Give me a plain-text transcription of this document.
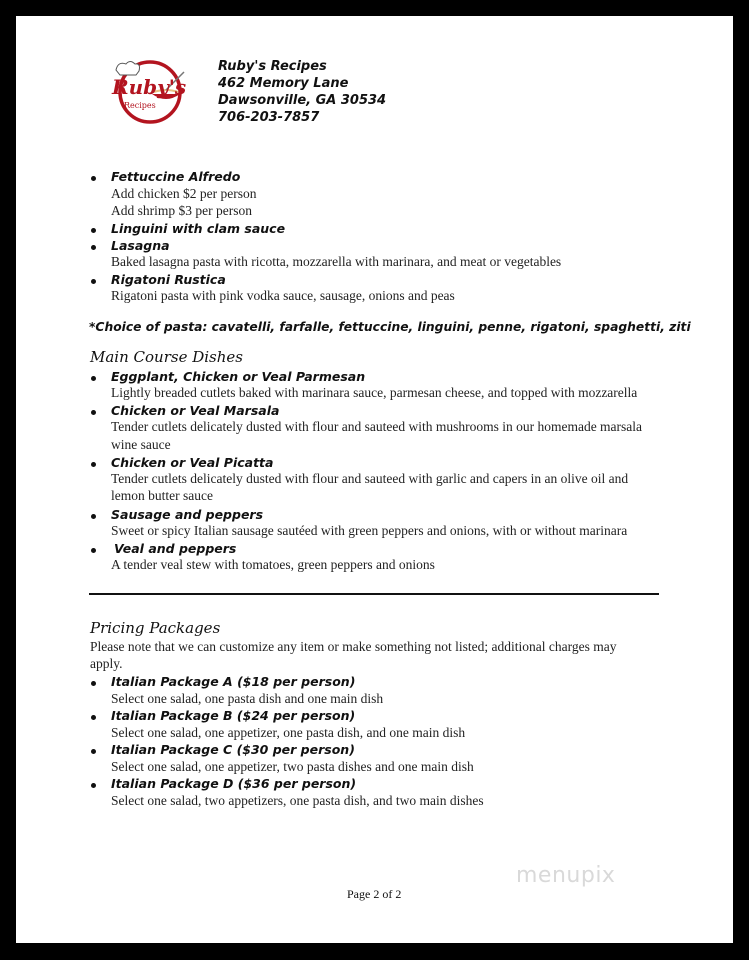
Ruby's
Recipes
Ruby's Recipes
462 Memory Lane
Dawsonville, GA 30534
706-203-7857
Fettuccine Alfredo
Add chicken $2 per person
Add shrimp $3 per person
Linguini with clam sauce
Lasagna
Baked lasagna pasta with ricotta, mozzarella with marinara, and meat or vegetables
Rigatoni Rustica
Rigatoni pasta with pink vodka sauce, sausage, onions and peas
*Choice of pasta: cavatelli, farfalle, fettuccine, linguini, penne, rigatoni, spaghetti, ziti
Main Course Dishes
Eggplant, Chicken or Veal Parmesan
Lightly breaded cutlets baked with marinara sauce, parmesan cheese, and topped with mozzarella
Chicken or Veal Marsala
Tender cutlets delicately dusted with flour and sauteed with mushrooms in our homemade marsala
wine sauce
Chicken or Veal Picatta
Tender cutlets delicately dusted with flour and sauteed with garlic and capers in an olive oil and
lemon butter sauce
Sausage and peppers
Sweet or spicy Italian sausage sautéed with green peppers and onions, with or without marinara
Veal and peppers
A tender veal stew with tomatoes, green peppers and onions
Pricing Packages
Please note that we can customize any item or make something not listed; additional charges may
apply.
Italian Package A ($18 per person)
Select one salad, one pasta dish and one main dish
Italian Package B ($24 per person)
Select one salad, one appetizer, one pasta dish, and one main dish
Italian Package C ($30 per person)
Select one salad, one appetizer, two pasta dishes and one main dish
Italian Package D ($36 per person)
Select one salad, two appetizers, one pasta dish, and two main dishes
menupix
Page 2 of 2
